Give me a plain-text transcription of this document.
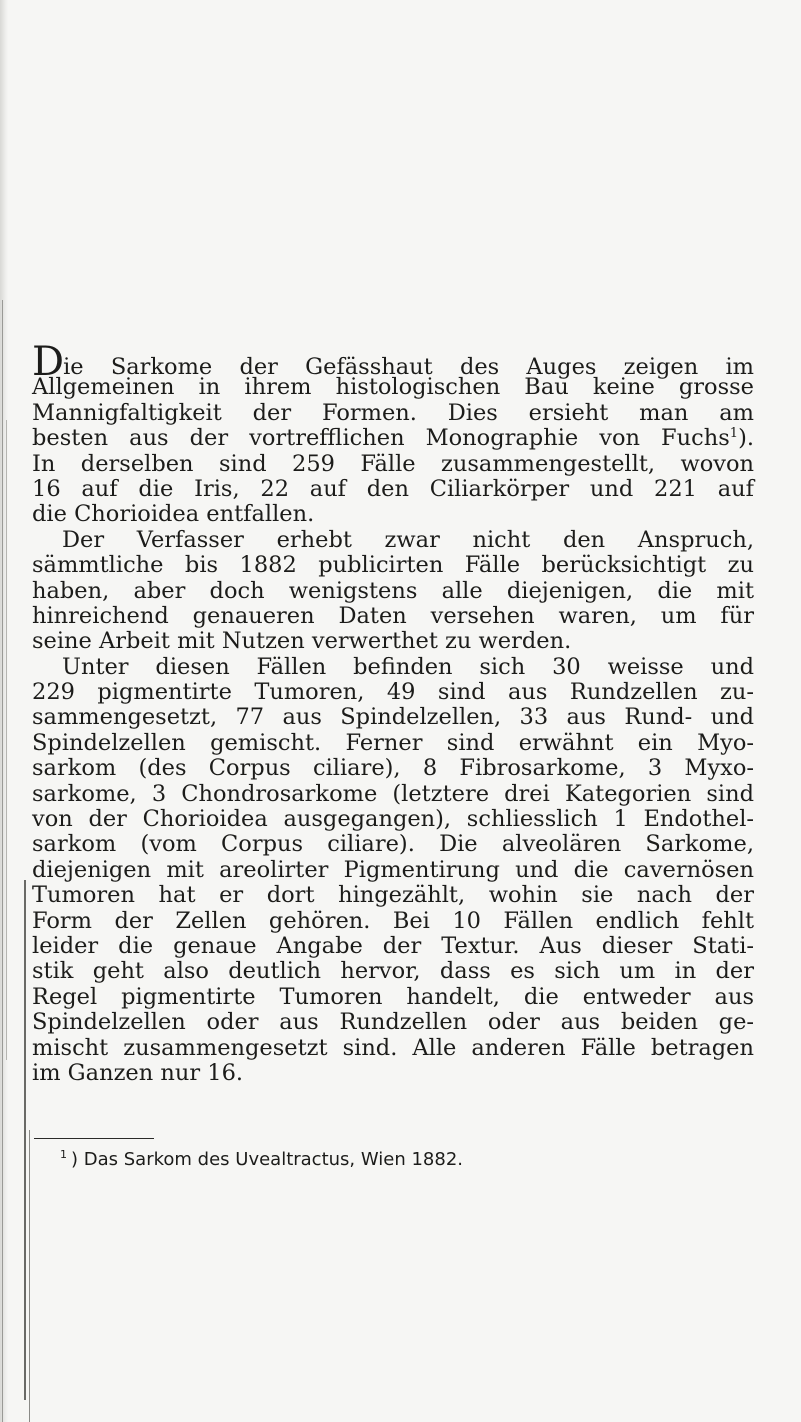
Die Sarkome der Gefässhaut des Auges zeigen im
Allgemeinen in ihrem histologischen Bau keine grosse
Mannigfaltigkeit der Formen. Dies ersieht man am
besten aus der vortrefflichen Monographie von Fuchs$^1$).
In derselben sind 259 Fälle zusammengestellt, wovon
16 auf die Iris, 22 auf den Ciliarkörper und 221 auf
die Chorioidea entfallen.
Der Verfasser erhebt zwar nicht den Anspruch,
sämmtliche bis 1882 publicirten Fälle berücksichtigt zu
haben, aber doch wenigstens alle diejenigen, die mit
hinreichend genaueren Daten versehen waren, um für
seine Arbeit mit Nutzen verwerthet zu werden.
Unter diesen Fällen befinden sich 30 weisse und
229 pigmentirte Tumoren, 49 sind aus Rundzellen zu-
sammengesetzt, 77 aus Spindelzellen, 33 aus Rund- und
Spindelzellen gemischt. Ferner sind erwähnt ein Myo-
sarkom (des Corpus ciliare), 8 Fibrosarkome, 3 Myxo-
sarkome, 3 Chondrosarkome (letztere drei Kategorien sind
von der Chorioidea ausgegangen), schliesslich 1 Endothel-
sarkom (vom Corpus ciliare). Die alveolären Sarkome,
diejenigen mit areolirter Pigmentirung und die cavernösen
Tumoren hat er dort hingezählt, wohin sie nach der
Form der Zellen gehören. Bei 10 Fällen endlich fehlt
leider die genaue Angabe der Textur. Aus dieser Stati-
stik geht also deutlich hervor, dass es sich um in der
Regel pigmentirte Tumoren handelt, die entweder aus
Spindelzellen oder aus Rundzellen oder aus beiden ge-
mischt zusammengesetzt sind. Alle anderen Fälle betragen
im Ganzen nur 16.
$^1$ ) Das Sarkom des Uvealtractus, Wien 1882.
